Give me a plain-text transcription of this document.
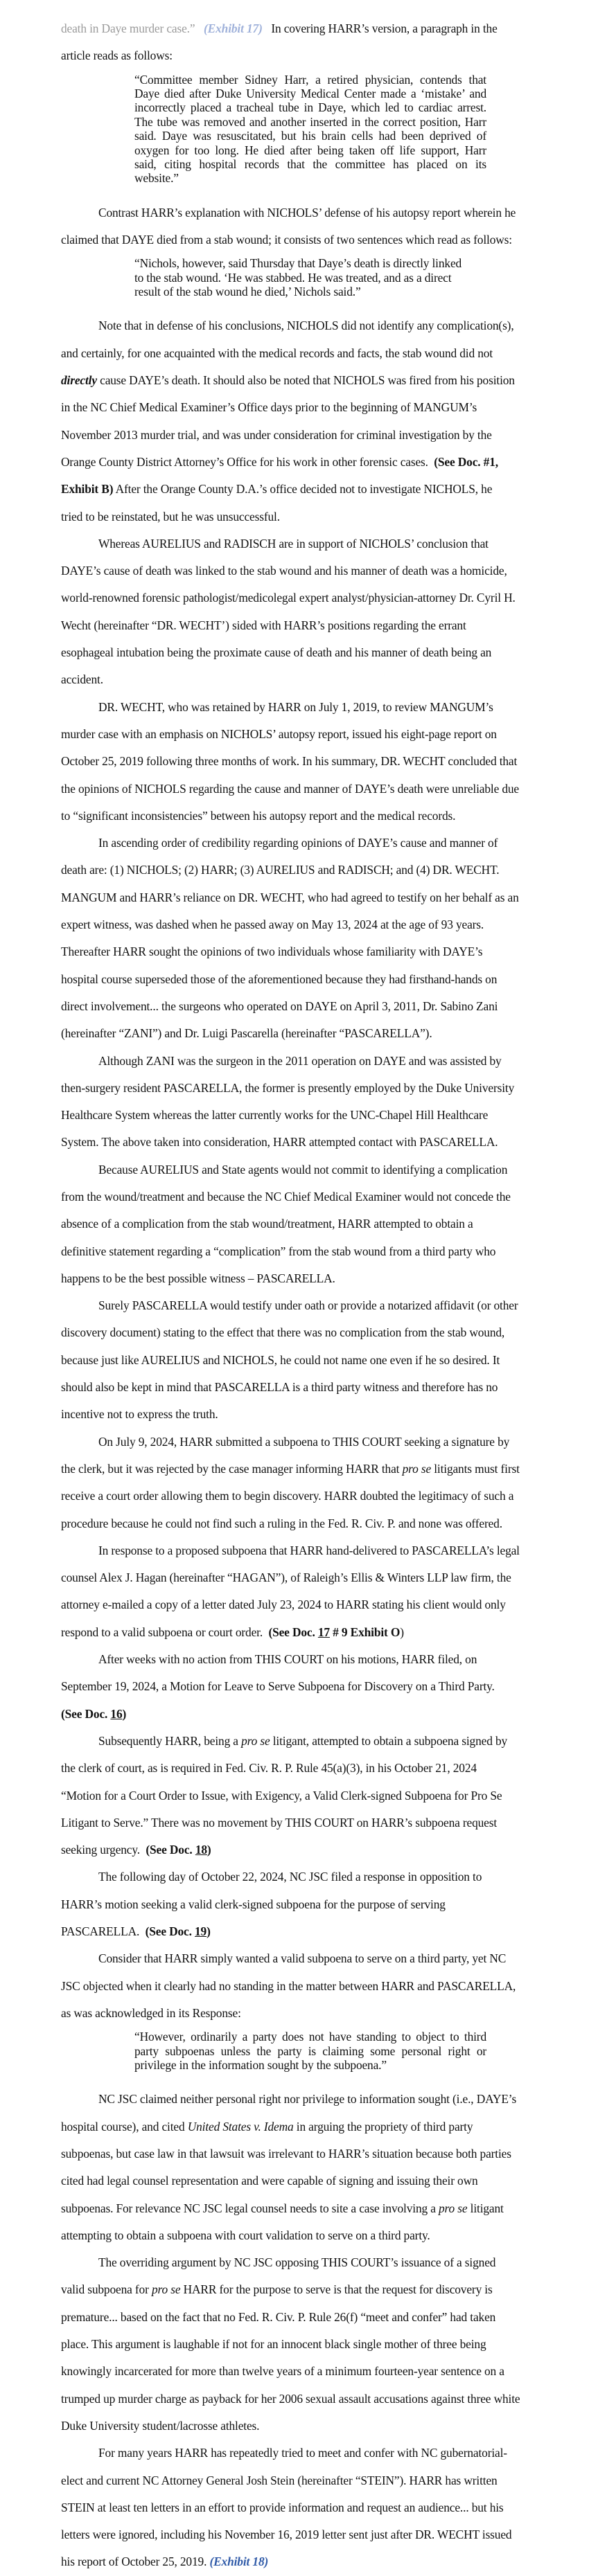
death in Daye murder case.” (Exhibit 17) In covering HARR’s version, a paragraph in the
article reads as follows:
“Committee member Sidney Harr, a retired physician, contends that
Daye died after Duke University Medical Center made a ‘mistake’ and
incorrectly placed a tracheal tube in Daye, which led to cardiac arrest.
The tube was removed and another inserted in the correct position, Harr
said. Daye was resuscitated, but his brain cells had been deprived of
oxygen for too long. He died after being taken off life support, Harr
said, citing hospital records that the committee has placed on its
website.”
Contrast HARR’s explanation with NICHOLS’ defense of his autopsy report wherein he
claimed that DAYE died from a stab wound; it consists of two sentences which read as follows:
“Nichols, however, said Thursday that Daye’s death is directly linked
to the stab wound. ‘He was stabbed. He was treated, and as a direct
result of the stab wound he died,’ Nichols said.”
Note that in defense of his conclusions, NICHOLS did not identify any complication(s),
and certainly, for one acquainted with the medical records and facts, the stab wound did not
directly cause DAYE’s death. It should also be noted that NICHOLS was fired from his position
in the NC Chief Medical Examiner’s Office days prior to the beginning of MANGUM’s
November 2013 murder trial, and was under consideration for criminal investigation by the
Orange County District Attorney’s Office for his work in other forensic cases.  (See Doc. #1,
Exhibit B) After the Orange County D.A.’s office decided not to investigate NICHOLS, he
tried to be reinstated, but he was unsuccessful.
Whereas AURELIUS and RADISCH are in support of NICHOLS’ conclusion that
DAYE’s cause of death was linked to the stab wound and his manner of death was a homicide,
world-renowned forensic pathologist/medicolegal expert analyst/physician-attorney Dr. Cyril H.
Wecht (hereinafter “DR. WECHT’) sided with HARR’s positions regarding the errant
esophageal intubation being the proximate cause of death and his manner of death being an
accident.
DR. WECHT, who was retained by HARR on July 1, 2019, to review MANGUM’s
murder case with an emphasis on NICHOLS’ autopsy report, issued his eight-page report on
October 25, 2019 following three months of work. In his summary, DR. WECHT concluded that
the opinions of NICHOLS regarding the cause and manner of DAYE’s death were unreliable due
to “significant inconsistencies” between his autopsy report and the medical records.
In ascending order of credibility regarding opinions of DAYE’s cause and manner of
death are: (1) NICHOLS; (2) HARR; (3) AURELIUS and RADISCH; and (4) DR. WECHT.
MANGUM and HARR’s reliance on DR. WECHT, who had agreed to testify on her behalf as an
expert witness, was dashed when he passed away on May 13, 2024 at the age of 93 years.
Thereafter HARR sought the opinions of two individuals whose familiarity with DAYE’s
hospital course superseded those of the aforementioned because they had firsthand-hands on
direct involvement... the surgeons who operated on DAYE on April 3, 2011, Dr. Sabino Zani
(hereinafter “ZANI”) and Dr. Luigi Pascarella (hereinafter “PASCARELLA”).
Although ZANI was the surgeon in the 2011 operation on DAYE and was assisted by
then-surgery resident PASCARELLA, the former is presently employed by the Duke University
Healthcare System whereas the latter currently works for the UNC-Chapel Hill Healthcare
System. The above taken into consideration, HARR attempted contact with PASCARELLA.
Because AURELIUS and State agents would not commit to identifying a complication
from the wound/treatment and because the NC Chief Medical Examiner would not concede the
absence of a complication from the stab wound/treatment, HARR attempted to obtain a
definitive statement regarding a “complication” from the stab wound from a third party who
happens to be the best possible witness – PASCARELLA.
Surely PASCARELLA would testify under oath or provide a notarized affidavit (or other
discovery document) stating to the effect that there was no complication from the stab wound,
because just like AURELIUS and NICHOLS, he could not name one even if he so desired. It
should also be kept in mind that PASCARELLA is a third party witness and therefore has no
incentive not to express the truth.
On July 9, 2024, HARR submitted a subpoena to THIS COURT seeking a signature by
the clerk, but it was rejected by the case manager informing HARR that pro se litigants must first
receive a court order allowing them to begin discovery. HARR doubted the legitimacy of such a
procedure because he could not find such a ruling in the Fed. R. Civ. P. and none was offered.
In response to a proposed subpoena that HARR hand-delivered to PASCARELLA’s legal
counsel Alex J. Hagan (hereinafter “HAGAN”), of Raleigh’s Ellis & Winters LLP law firm, the
attorney e-mailed a copy of a letter dated July 23, 2024 to HARR stating his client would only
respond to a valid subpoena or court order.  (See Doc. 17 # 9 Exhibit O)
After weeks with no action from THIS COURT on his motions, HARR filed, on
September 19, 2024, a Motion for Leave to Serve Subpoena for Discovery on a Third Party.
(See Doc. 16)
Subsequently HARR, being a pro se litigant, attempted to obtain a subpoena signed by
the clerk of court, as is required in Fed. Civ. R. P. Rule 45(a)(3), in his October 21, 2024
“Motion for a Court Order to Issue, with Exigency, a Valid Clerk-signed Subpoena for Pro Se
Litigant to Serve.” There was no movement by THIS COURT on HARR’s subpoena request
seeking urgency.  (See Doc. 18)
The following day of October 22, 2024, NC JSC filed a response in opposition to
HARR’s motion seeking a valid clerk-signed subpoena for the purpose of serving
PASCARELLA.  (See Doc. 19)
Consider that HARR simply wanted a valid subpoena to serve on a third party, yet NC
JSC objected when it clearly had no standing in the matter between HARR and PASCARELLA,
as was acknowledged in its Response:
“However, ordinarily a party does not have standing to object to third
party subpoenas unless the party is claiming some personal right or
privilege in the information sought by the subpoena.”
NC JSC claimed neither personal right nor privilege to information sought (i.e., DAYE’s
hospital course), and cited United States v. Idema in arguing the propriety of third party
subpoenas, but case law in that lawsuit was irrelevant to HARR’s situation because both parties
cited had legal counsel representation and were capable of signing and issuing their own
subpoenas. For relevance NC JSC legal counsel needs to site a case involving a pro se litigant
attempting to obtain a subpoena with court validation to serve on a third party.
The overriding argument by NC JSC opposing THIS COURT’s issuance of a signed
valid subpoena for pro se HARR for the purpose to serve is that the request for discovery is
premature... based on the fact that no Fed. R. Civ. P. Rule 26(f) “meet and confer” had taken
place. This argument is laughable if not for an innocent black single mother of three being
knowingly incarcerated for more than twelve years of a minimum fourteen-year sentence on a
trumped up murder charge as payback for her 2006 sexual assault accusations against three white
Duke University student/lacrosse athletes.
For many years HARR has repeatedly tried to meet and confer with NC gubernatorial-
elect and current NC Attorney General Josh Stein (hereinafter “STEIN”). HARR has written
STEIN at least ten letters in an effort to provide information and request an audience... but his
letters were ignored, including his November 16, 2019 letter sent just after DR. WECHT issued
his report of October 25, 2019. (Exhibit 18)
